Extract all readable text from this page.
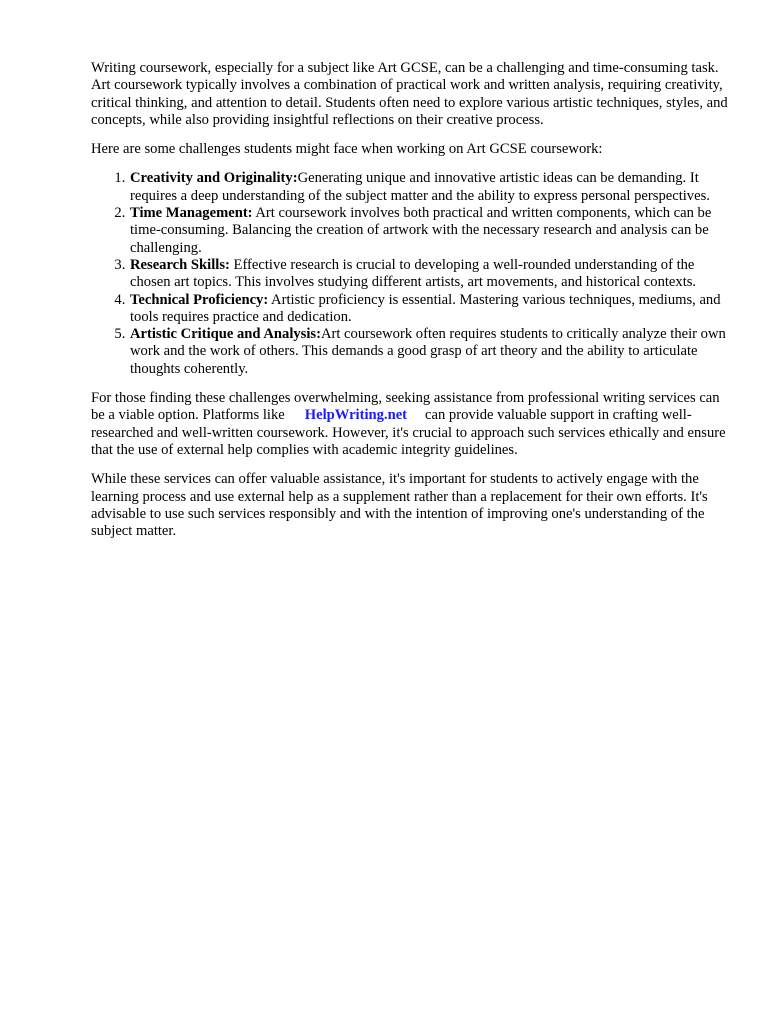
Writing coursework, especially for a subject like Art GCSE, can be a challenging and time-consuming task. Art coursework typically involves a combination of practical work and written analysis, requiring creativity, critical thinking, and attention to detail. Students often need to explore various artistic techniques, styles, and concepts, while also providing insightful reflections on their creative process.

Here are some challenges students might face when working on Art GCSE coursework:

1. Creativity and Originality:Generating unique and innovative artistic ideas can be demanding. It requires a deep understanding of the subject matter and the ability to express personal perspectives.
2. Time Management: Art coursework involves both practical and written components, which can be time-consuming. Balancing the creation of artwork with the necessary research and analysis can be challenging.
3. Research Skills: Effective research is crucial to developing a well-rounded understanding of the chosen art topics. This involves studying different artists, art movements, and historical contexts.
4. Technical Proficiency: Artistic proficiency is essential. Mastering various techniques, mediums, and tools requires practice and dedication.
5. Artistic Critique and Analysis:Art coursework often requires students to critically analyze their own work and the work of others. This demands a good grasp of art theory and the ability to articulate thoughts coherently.

For those finding these challenges overwhelming, seeking assistance from professional writing services can be a viable option. Platforms like HelpWriting.net can provide valuable support in crafting well-researched and well-written coursework. However, it's crucial to approach such services ethically and ensure that the use of external help complies with academic integrity guidelines.

While these services can offer valuable assistance, it's important for students to actively engage with the learning process and use external help as a supplement rather than a replacement for their own efforts. It's advisable to use such services responsibly and with the intention of improving one's understanding of the subject matter.
